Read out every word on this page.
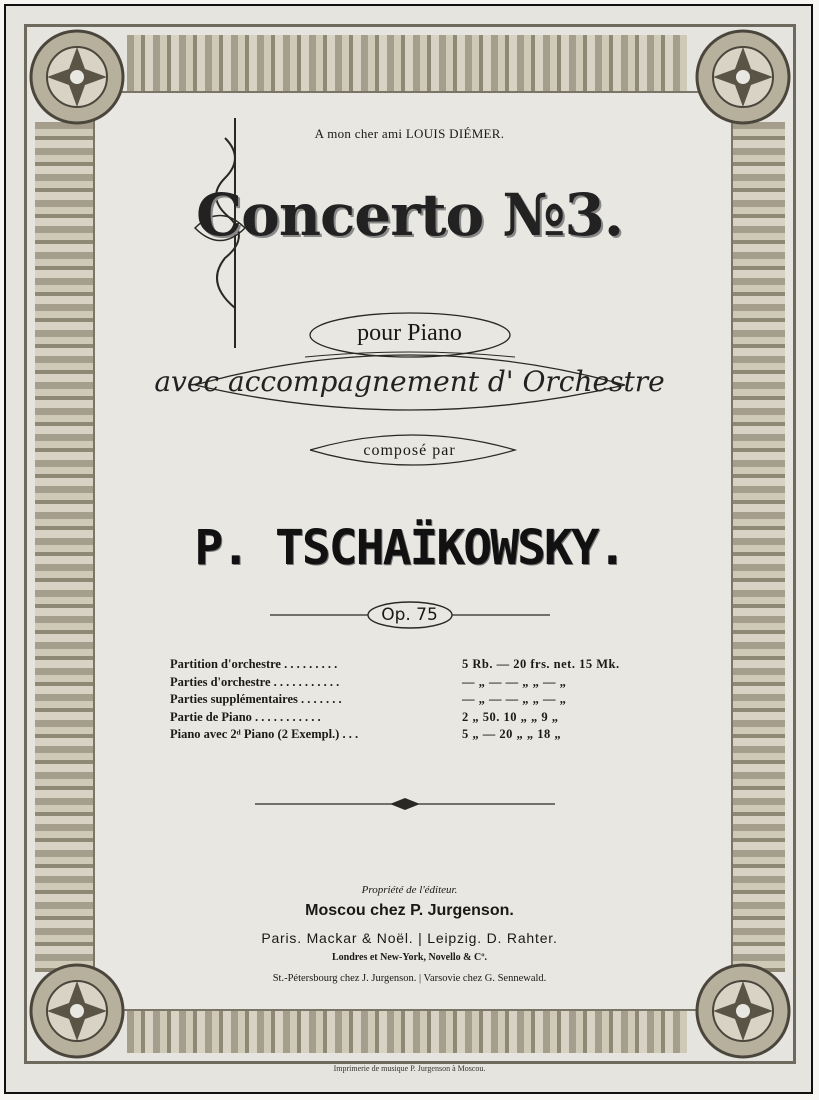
A mon cher ami LOUIS DIÉMER.
Concerto №3.
pour Piano
avec accompagnement d' Orchestre
composé par
P. TSCHAÏKOWSKY.
Op. 75
Partition d'orchestre . . . . . . . . .	5 Rb. — 20 frs. net. 15 Mk.
Parties d'orchestre . . . . . . . . . . .	— „ — — „ „ — „
Parties supplémentaires . . . . . . .	— „ — — „ „ — „
Partie de Piano . . . . . . . . . . .	2 „ 50. 10 „ „ 9 „
Piano avec 2ᵈ Piano (2 Exempl.) . . .	5 „ — 20 „ „ 18 „
Propriété de l'éditeur.
Moscou chez P. Jurgenson.
Paris. Mackar & Noël. | Leipzig. D. Rahter.
Londres et New-York, Novello & Cº.
St.-Pétersbourg chez J. Jurgenson. | Varsovie chez G. Sennewald.
Imprimerie de musique P. Jurgenson à Moscou.
